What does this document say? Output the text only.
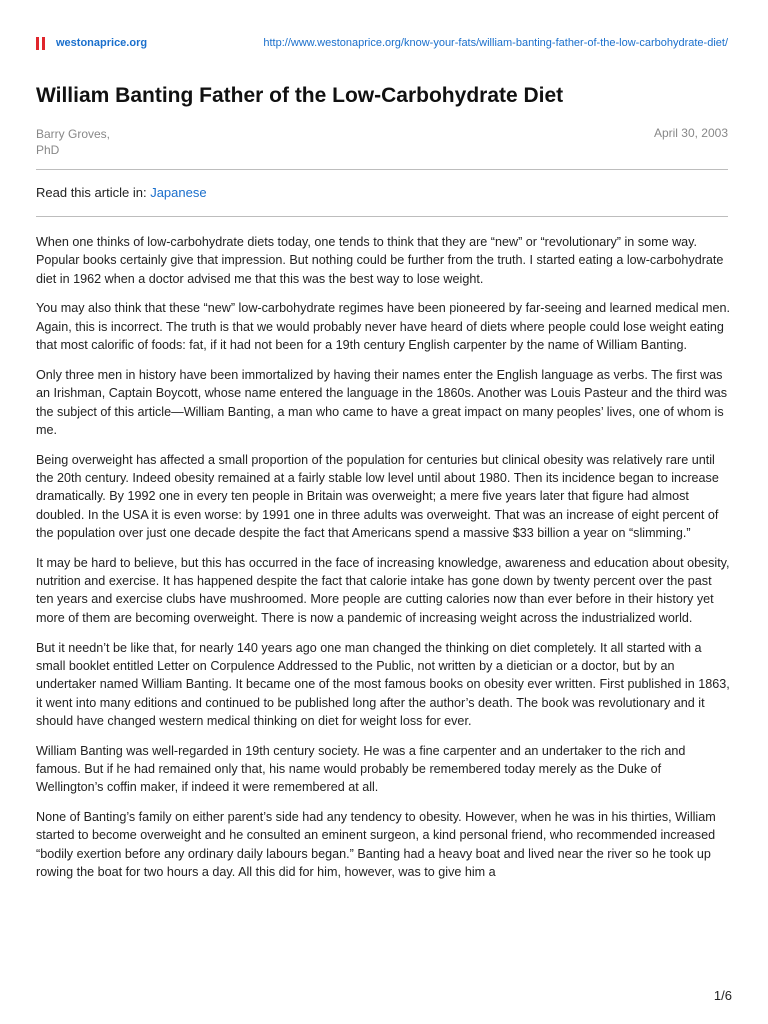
westonaprice.org	http://www.westonaprice.org/know-your-fats/william-banting-father-of-the-low-carbohydrate-diet/
William Banting Father of the Low-Carbohydrate Diet
Barry Groves,
PhD
April 30, 2003
Read this article in: Japanese

When one thinks of low-carbohydrate diets today, one tends to think that they are “new” or “revolutionary” in some way. Popular books certainly give that impression. But nothing could be further from the truth. I started eating a low-carbohydrate diet in 1962 when a doctor advised me that this was the best way to lose weight.

You may also think that these “new” low-carbohydrate regimes have been pioneered by far-seeing and learned medical men. Again, this is incorrect. The truth is that we would probably never have heard of diets where people could lose weight eating that most calorific of foods: fat, if it had not been for a 19th century English carpenter by the name of William Banting.

Only three men in history have been immortalized by having their names enter the English language as verbs. The first was an Irishman, Captain Boycott, whose name entered the language in the 1860s. Another was Louis Pasteur and the third was the subject of this article—William Banting, a man who came to have a great impact on many peoples’ lives, one of whom is me.

Being overweight has affected a small proportion of the population for centuries but clinical obesity was relatively rare until the 20th century. Indeed obesity remained at a fairly stable low level until about 1980. Then its incidence began to increase dramatically. By 1992 one in every ten people in Britain was overweight; a mere five years later that figure had almost doubled. In the USA it is even worse: by 1991 one in three adults was overweight. That was an increase of eight percent of the population over just one decade despite the fact that Americans spend a massive $33 billion a year on “slimming.”

It may be hard to believe, but this has occurred in the face of increasing knowledge, awareness and education about obesity, nutrition and exercise. It has happened despite the fact that calorie intake has gone down by twenty percent over the past ten years and exercise clubs have mushroomed. More people are cutting calories now than ever before in their history yet more of them are becoming overweight. There is now a pandemic of increasing weight across the industrialized world.

But it needn’t be like that, for nearly 140 years ago one man changed the thinking on diet completely. It all started with a small booklet entitled Letter on Corpulence Addressed to the Public, not written by a dietician or a doctor, but by an undertaker named William Banting. It became one of the most famous books on obesity ever written. First published in 1863, it went into many editions and continued to be published long after the author’s death. The book was revolutionary and it should have changed western medical thinking on diet for weight loss for ever.

William Banting was well-regarded in 19th century society. He was a fine carpenter and an undertaker to the rich and famous. But if he had remained only that, his name would probably be remembered today merely as the Duke of Wellington’s coffin maker, if indeed it were remembered at all.

None of Banting’s family on either parent’s side had any tendency to obesity. However, when he was in his thirties, William started to become overweight and he consulted an eminent surgeon, a kind personal friend, who recommended increased “bodily exertion before any ordinary daily labours began.” Banting had a heavy boat and lived near the river so he took up rowing the boat for two hours a day. All this did for him, however, was to give him a

1/6
